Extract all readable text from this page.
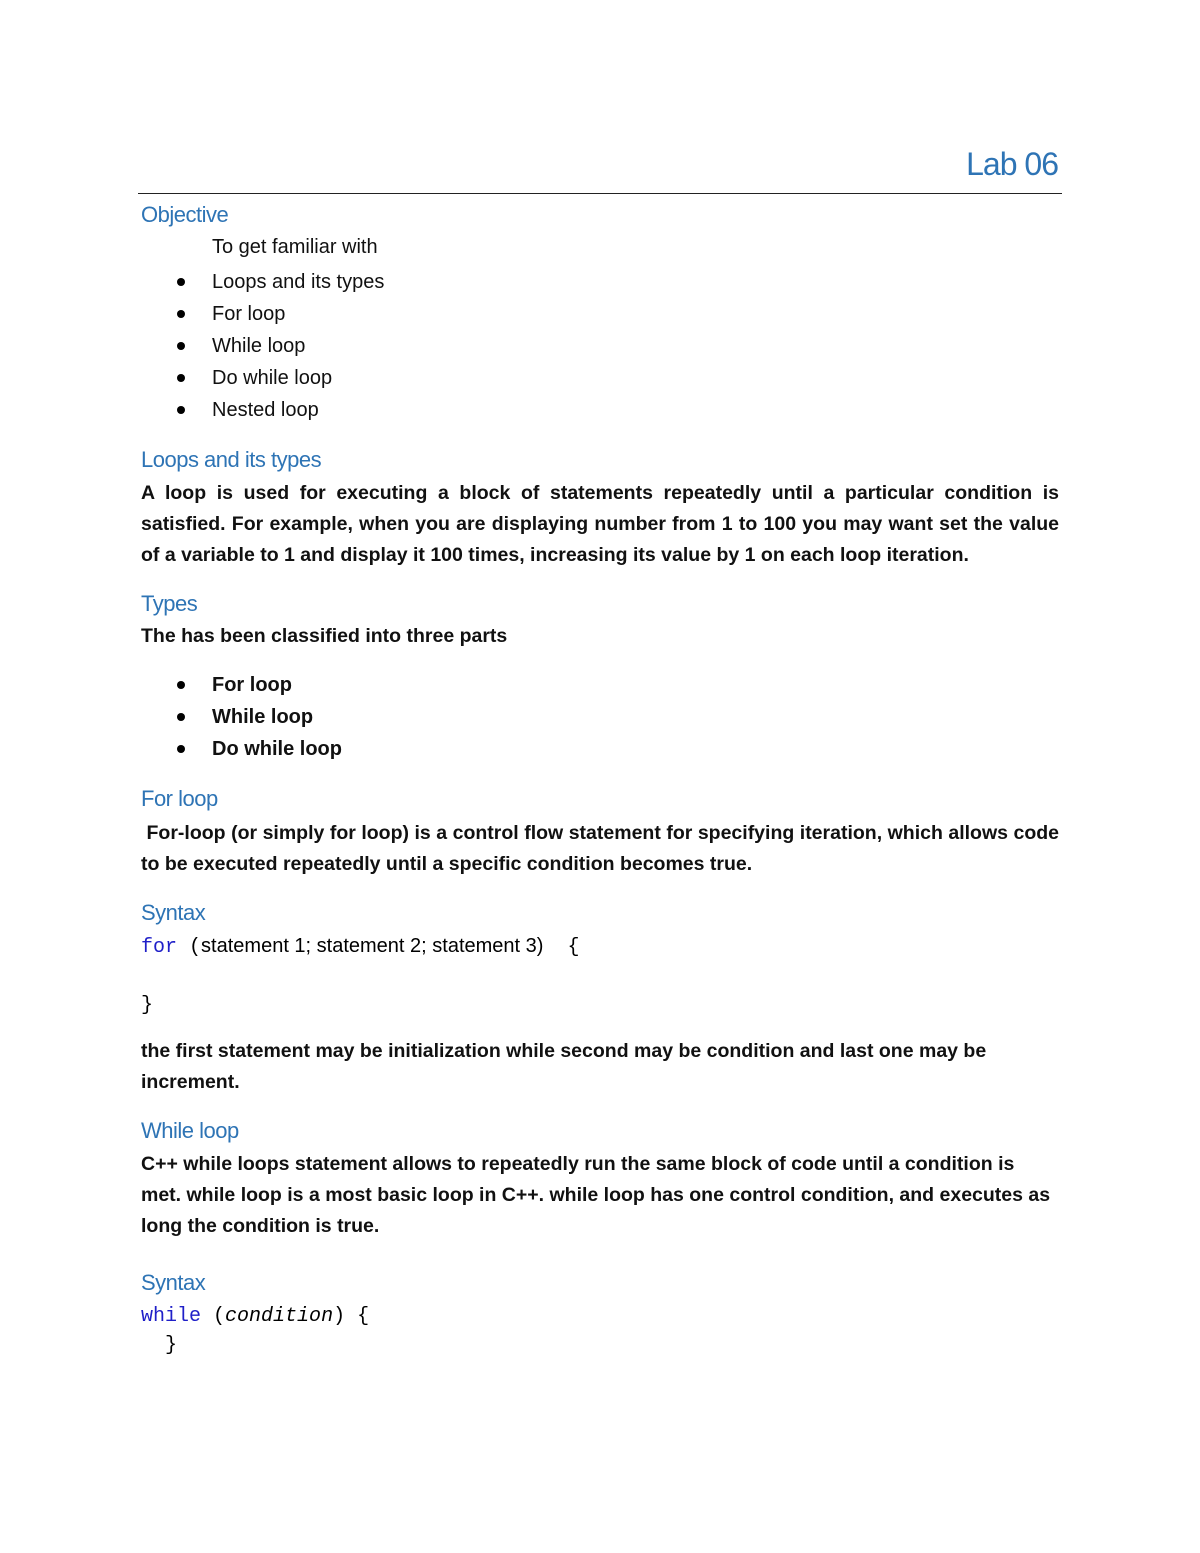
Lab 06
Objective
To get familiar with
Loops and its types
For loop
While loop
Do while loop
Nested loop
Loops and its types
A loop is used for executing a block of statements repeatedly until a particular condition is satisfied. For example, when you are displaying number from 1 to 100 you may want set the value of a variable to 1 and display it 100 times, increasing its value by 1 on each loop iteration.
Types
The has been classified into three parts
For loop
While loop
Do while loop
For loop
For-loop (or simply for loop) is a control flow statement for specifying iteration, which allows code to be executed repeatedly until a specific condition becomes true.
Syntax
for (statement 1; statement 2; statement 3) {
}
the first statement may be initialization while second may be condition and last one may be increment.
While loop
C++ while loops statement allows to repeatedly run the same block of code until a condition is met. while loop is a most basic loop in C++. while loop has one control condition, and executes as long the condition is true.
Syntax
while (condition) {
}
